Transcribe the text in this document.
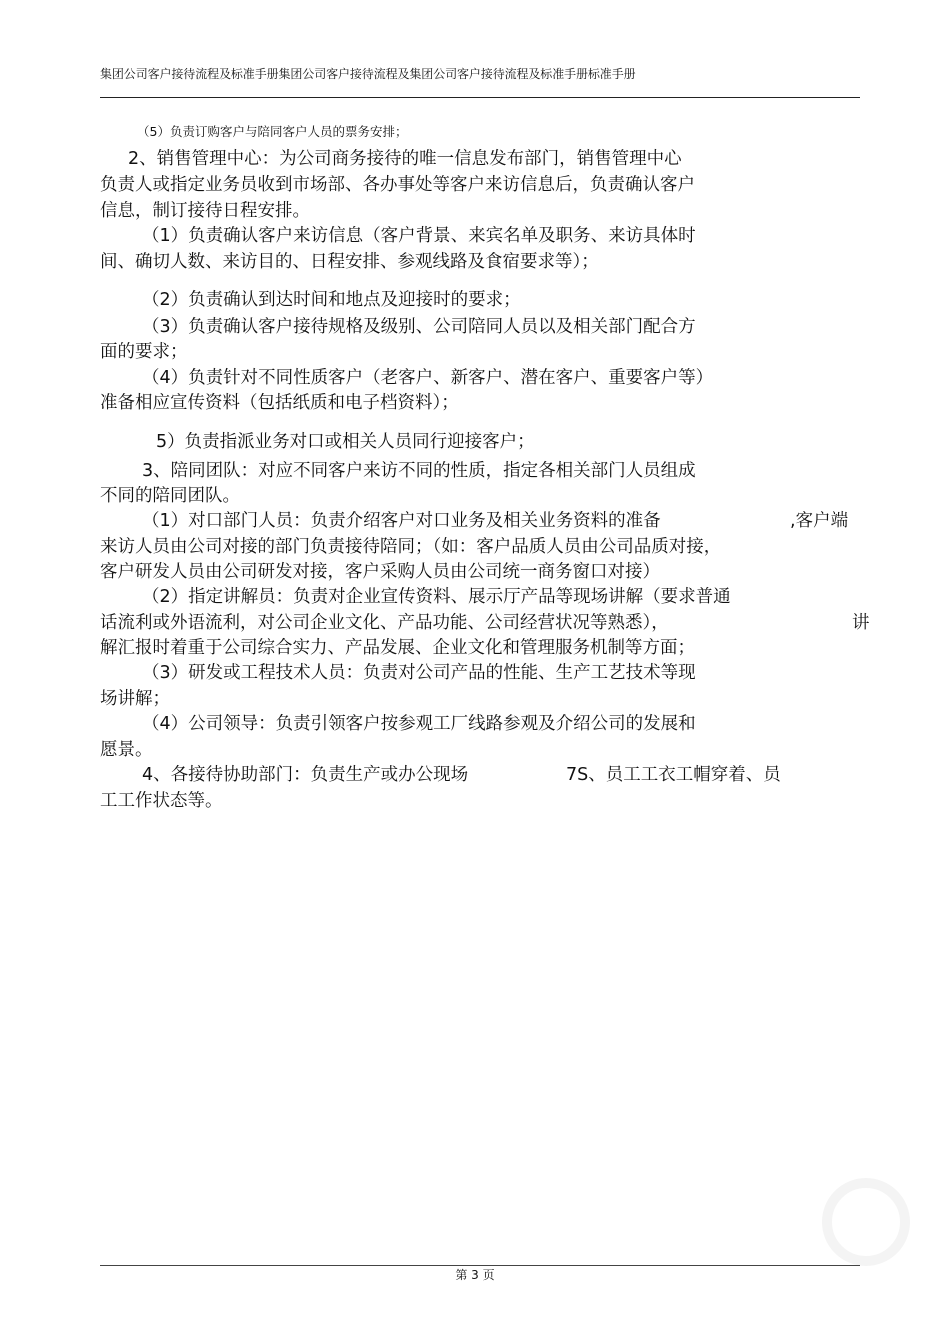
集团公司客户接待流程及标准手册集团公司客户接待流程及集团公司客户接待流程及标准手册标准手册
（5）负责订购客户与陪同客户人员的票务安排；
2、销售管理中心：为公司商务接待的唯一信息发布部门，销售管理中心
负责人或指定业务员收到市场部、各办事处等客户来访信息后，负责确认客户
信息，制订接待日程安排。
（1）负责确认客户来访信息（客户背景、来宾名单及职务、来访具体时
间、确切人数、来访目的、日程安排、参观线路及食宿要求等）；
（2）负责确认到达时间和地点及迎接时的要求；
（3）负责确认客户接待规格及级别、公司陪同人员以及相关部门配合方
面的要求；
（4）负责针对不同性质客户（老客户、新客户、潜在客户、重要客户等）
准备相应宣传资料（包括纸质和电子档资料）；
5）负责指派业务对口或相关人员同行迎接客户；
3、陪同团队：对应不同客户来访不同的性质，指定各相关部门人员组成
不同的陪同团队。
（1）对口部门人员：负责介绍客户对口业务及相关业务资料的准备	,客户端
来访人员由公司对接的部门负责接待陪同；（如：客户品质人员由公司品质对接，
客户研发人员由公司研发对接，客户采购人员由公司统一商务窗口对接）
（2）指定讲解员：负责对企业宣传资料、展示厅产品等现场讲解（要求普通
话流利或外语流利，对公司企业文化、产品功能、公司经营状况等熟悉），	讲
解汇报时着重于公司综合实力、产品发展、企业文化和管理服务机制等方面；
（3）研发或工程技术人员：负责对公司产品的性能、生产工艺技术等现
场讲解；
（4）公司领导：负责引领客户按参观工厂线路参观及介绍公司的发展和
愿景。
4、各接待协助部门：负责生产或办公现场	7S、员工工衣工帽穿着、员
工工作状态等。
第 3 页
